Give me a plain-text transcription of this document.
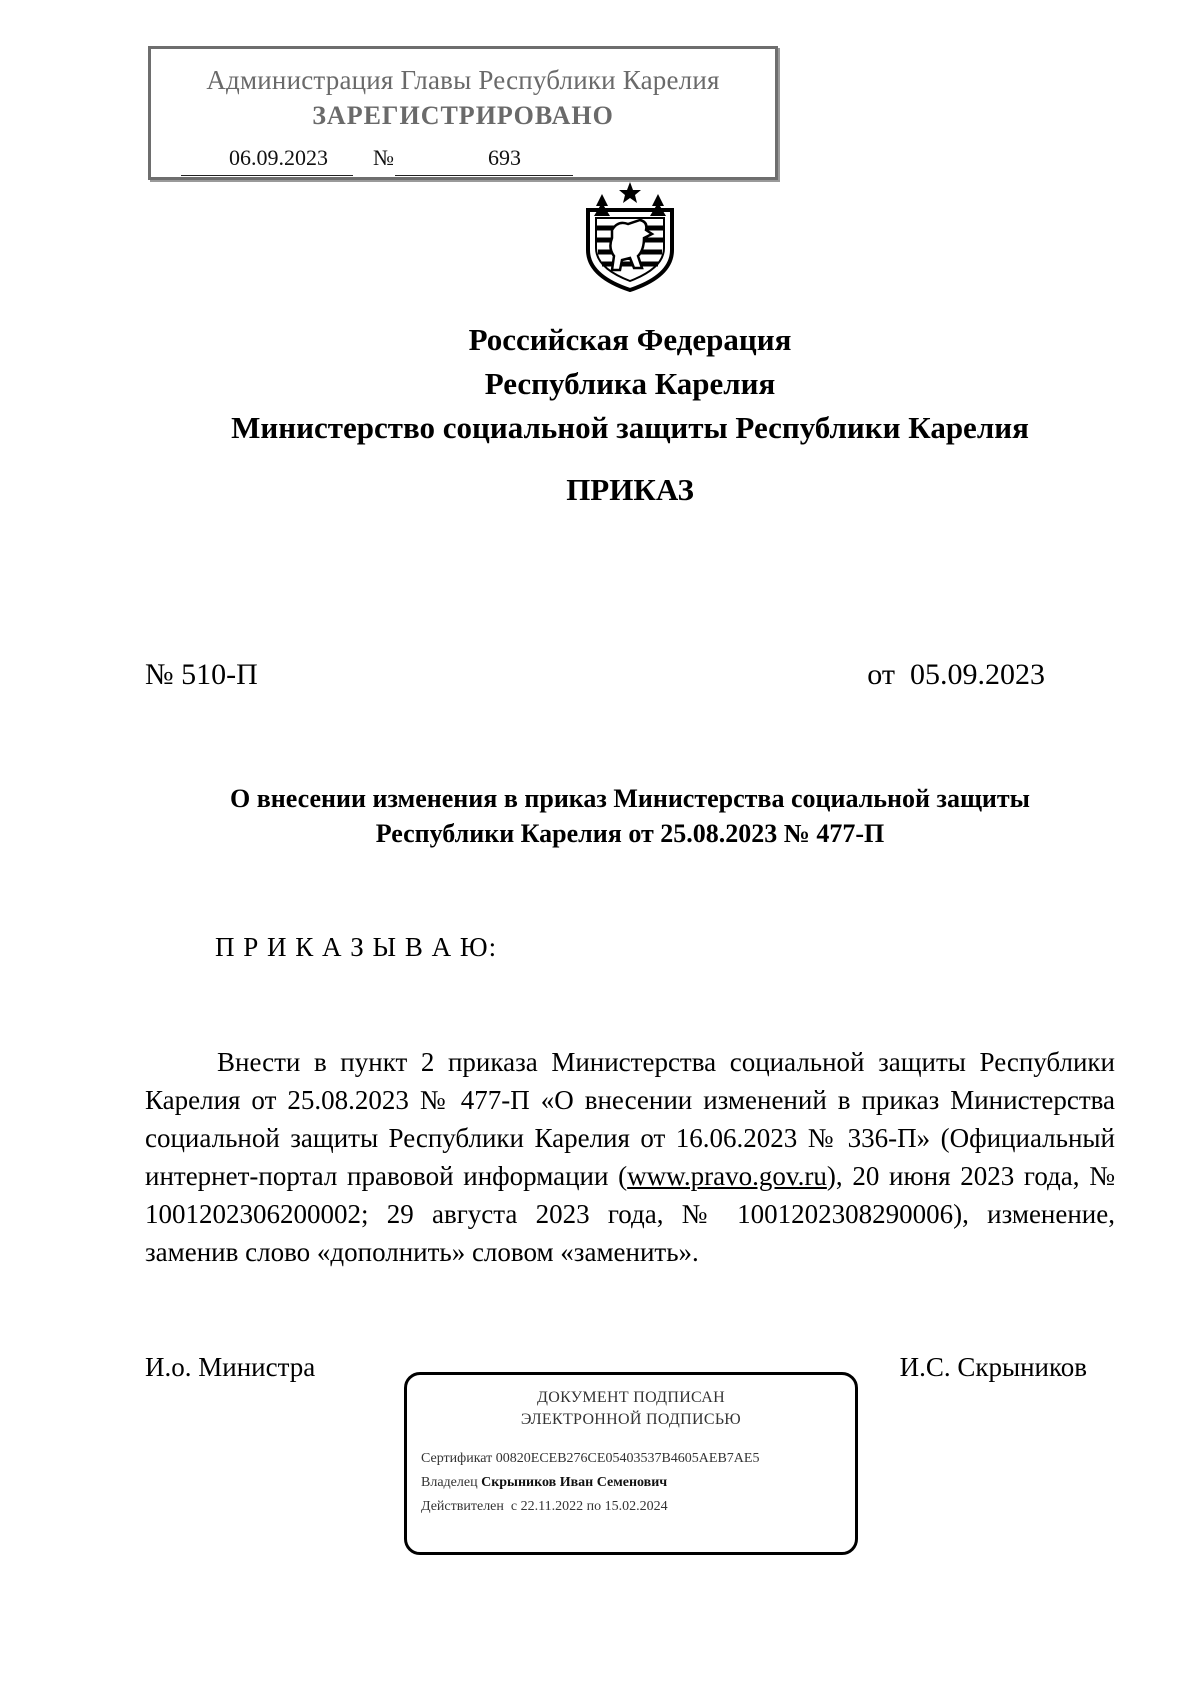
Администрация Главы Республики Карелия
ЗАРЕГИСТРИРОВАНО
06.09.2023 №	693
Российская Федерация
Республика Карелия
Министерство социальной защиты Республики Карелия
ПРИКАЗ
№ 510-П	от  05.09.2023
О внесении изменения в приказ Министерства социальной защиты
Республики Карелия от 25.08.2023 № 477-П
П Р И К А З Ы В А Ю:
Внести в пункт 2 приказа Министерства социальной защиты Республики Карелия от 25.08.2023 № 477-П «О внесении изменений в приказ Министерства социальной защиты Республики Карелия от 16.06.2023 № 336-П» (Официальный интернет-портал правовой информации (www.pravo.gov.ru), 20 июня 2023 года, № 1001202306200002; 29 августа 2023 года, № 1001202308290006), изменение, заменив слово «дополнить» словом «заменить».
И.о. Министра	И.С. Скрыников
ДОКУМЕНТ ПОДПИСАН
ЭЛЕКТРОННОЙ ПОДПИСЬЮ
Сертификат 00820ECEB276CE05403537B4605AEB7AE5
Владелец Скрыников Иван Семенович
Действителен  с 22.11.2022 по 15.02.2024
